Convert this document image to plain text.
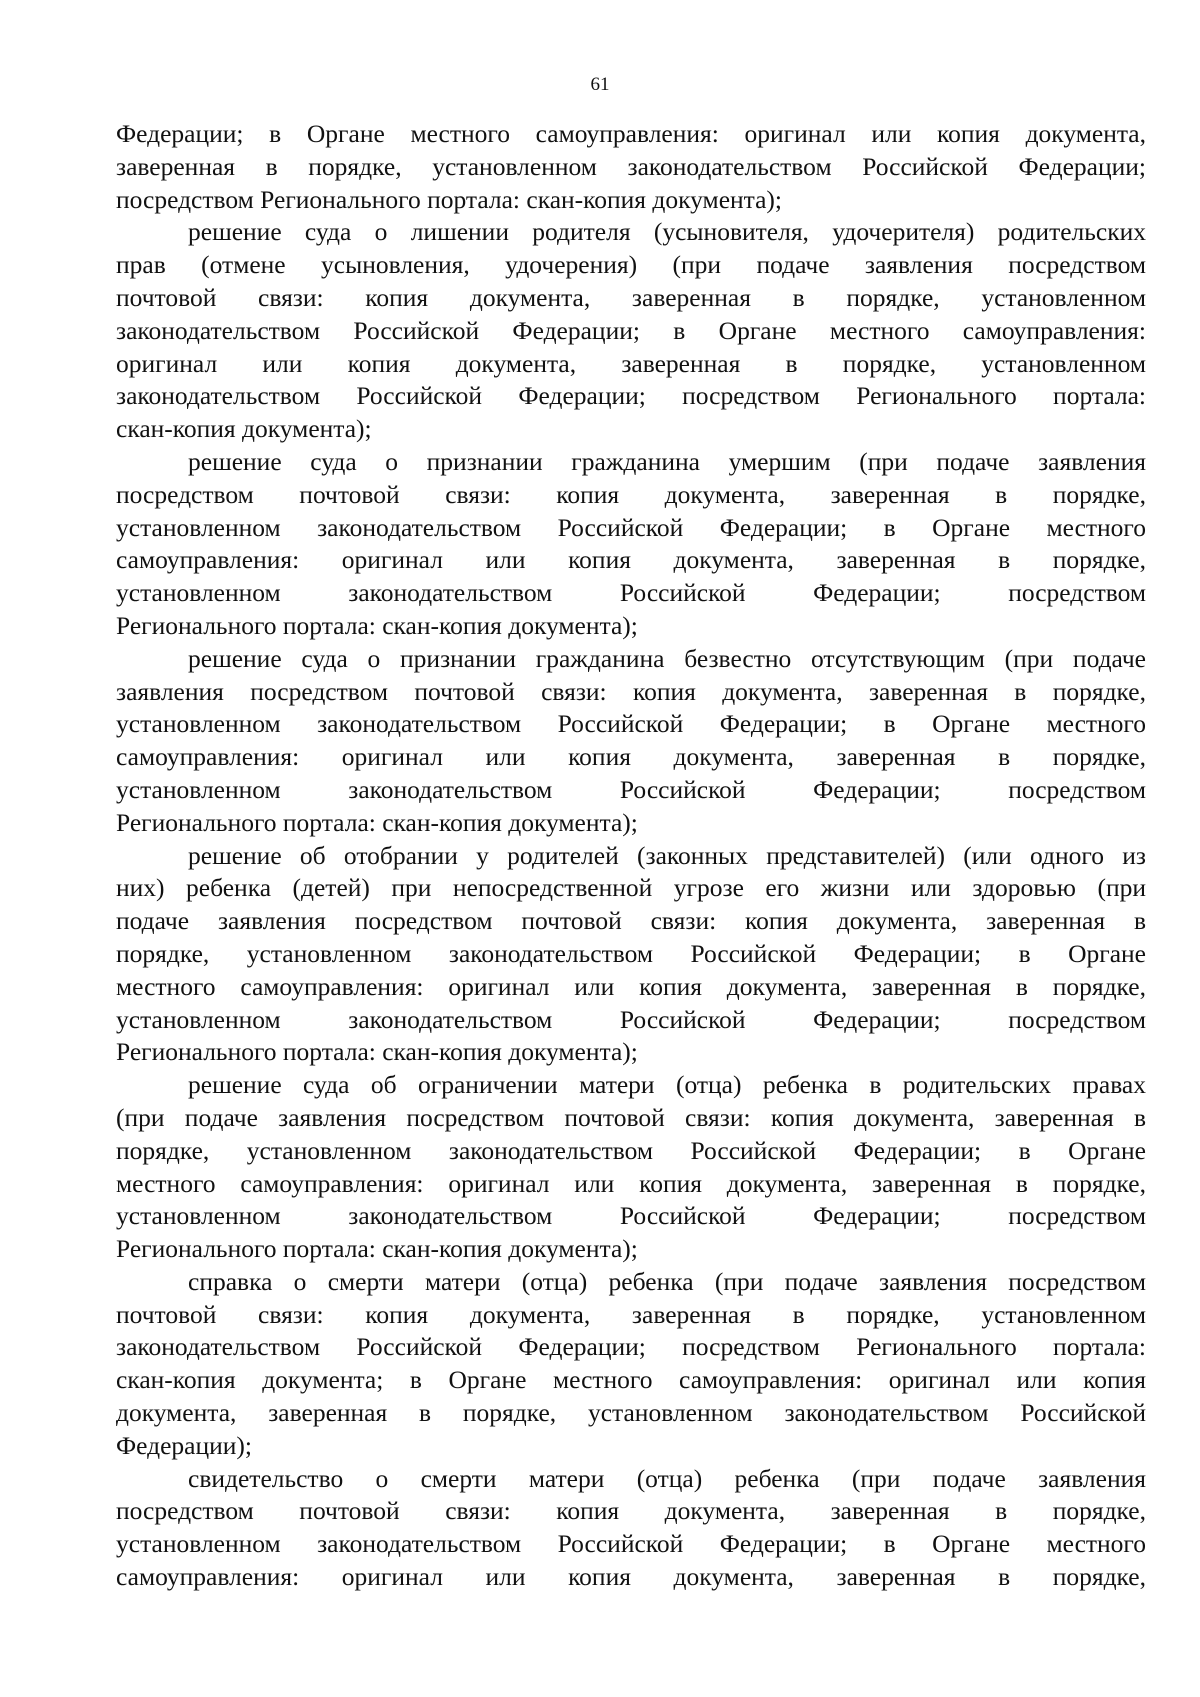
61
Федерации; в Органе местного самоуправления: оригинал или копия документа,
заверенная в порядке, установленном законодательством Российской Федерации;
посредством Регионального портала: скан-копия документа);
решение суда о лишении родителя (усыновителя, удочерителя) родительских
прав (отмене усыновления, удочерения) (при подаче заявления посредством
почтовой связи: копия документа, заверенная в порядке, установленном
законодательством Российской Федерации; в Органе местного самоуправления:
оригинал или копия документа, заверенная в порядке, установленном
законодательством Российской Федерации; посредством Регионального портала:
скан-копия документа);
решение суда о признании гражданина умершим (при подаче заявления
посредством почтовой связи: копия документа, заверенная в порядке,
установленном законодательством Российской Федерации; в Органе местного
самоуправления: оригинал или копия документа, заверенная в порядке,
установленном законодательством Российской Федерации; посредством
Регионального портала: скан-копия документа);
решение суда о признании гражданина безвестно отсутствующим (при подаче
заявления посредством почтовой связи: копия документа, заверенная в порядке,
установленном законодательством Российской Федерации; в Органе местного
самоуправления: оригинал или копия документа, заверенная в порядке,
установленном законодательством Российской Федерации; посредством
Регионального портала: скан-копия документа);
решение об отобрании у родителей (законных представителей) (или одного из
них) ребенка (детей) при непосредственной угрозе его жизни или здоровью (при
подаче заявления посредством почтовой связи: копия документа, заверенная в
порядке, установленном законодательством Российской Федерации; в Органе
местного самоуправления: оригинал или копия документа, заверенная в порядке,
установленном законодательством Российской Федерации; посредством
Регионального портала: скан-копия документа);
решение суда об ограничении матери (отца) ребенка в родительских правах
(при подаче заявления посредством почтовой связи: копия документа, заверенная в
порядке, установленном законодательством Российской Федерации; в Органе
местного самоуправления: оригинал или копия документа, заверенная в порядке,
установленном законодательством Российской Федерации; посредством
Регионального портала: скан-копия документа);
справка о смерти матери (отца) ребенка (при подаче заявления посредством
почтовой связи: копия документа, заверенная в порядке, установленном
законодательством Российской Федерации; посредством Регионального портала:
скан-копия документа; в Органе местного самоуправления: оригинал или копия
документа, заверенная в порядке, установленном законодательством Российской
Федерации);
свидетельство о смерти матери (отца) ребенка (при подаче заявления
посредством почтовой связи: копия документа, заверенная в порядке,
установленном законодательством Российской Федерации; в Органе местного
самоуправления: оригинал или копия документа, заверенная в порядке,
